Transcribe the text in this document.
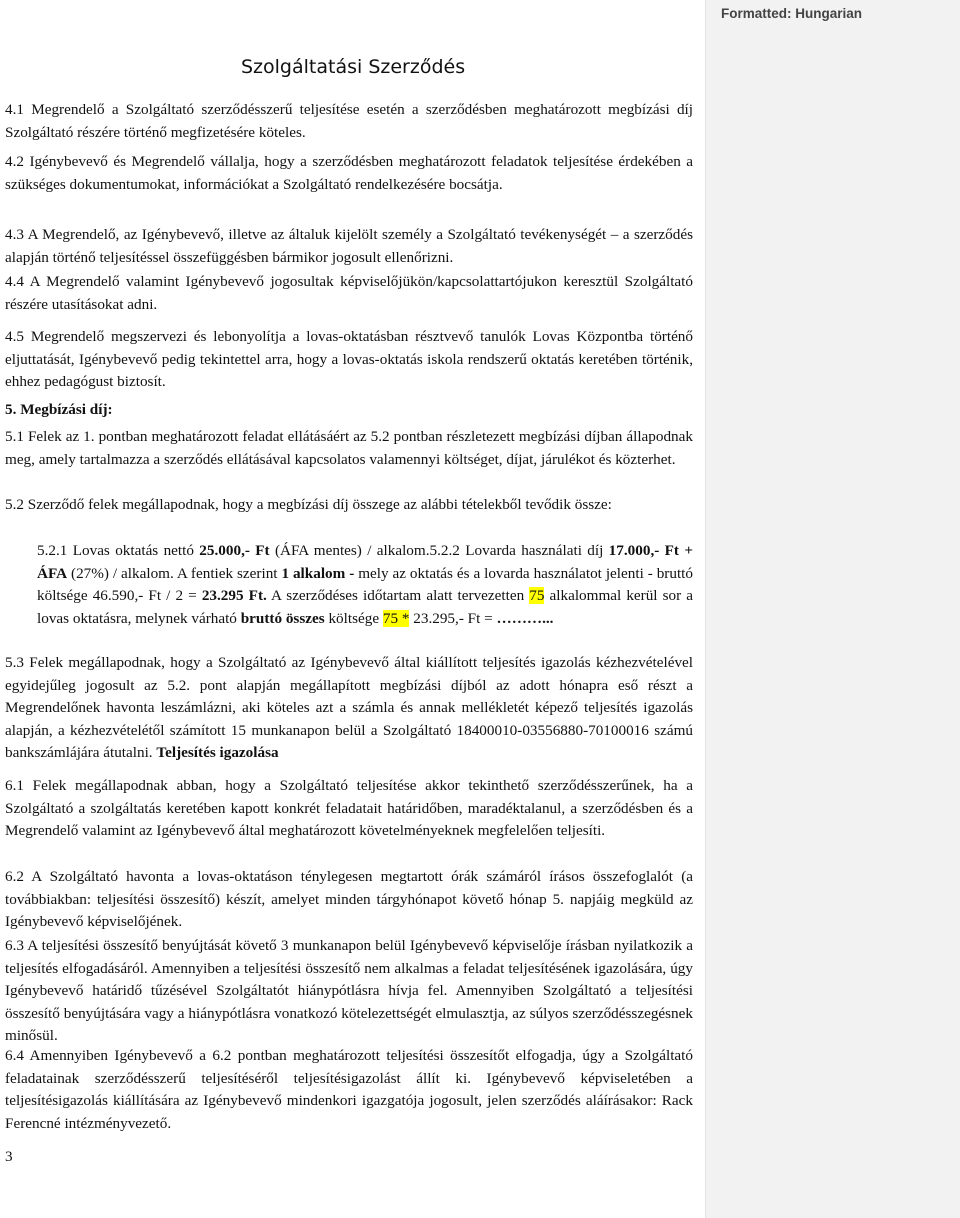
Formatted: Hungarian
Szolgáltatási Szerződés
4.1 Megrendelő a Szolgáltató szerződésszerű teljesítése esetén a szerződésben meghatározott megbízási díj Szolgáltató részére történő megfizetésére köteles.
4.2 Igénybevevő és Megrendelő vállalja, hogy a szerződésben meghatározott feladatok teljesítése érdekében a szükséges dokumentumokat, információkat a Szolgáltató rendelkezésére bocsátja.
4.3 A Megrendelő, az Igénybevevő, illetve az általuk kijelölt személy a Szolgáltató tevékenységét – a szerződés alapján történő teljesítéssel összefüggésben bármikor jogosult ellenőrizni.
4.4 A Megrendelő valamint Igénybevevő jogosultak képviselőjükön/kapcsolattartójukon keresztül Szolgáltató részére utasításokat adni.
4.5 Megrendelő megszervezi és lebonyolítja a lovas-oktatásban résztvevő tanulók Lovas Központba történő eljuttatását, Igénybevevő pedig tekintettel arra, hogy a lovas-oktatás iskola rendszerű oktatás keretében történik, ehhez pedagógust biztosít.
5. Megbízási díj:
5.1 Felek az 1. pontban meghatározott feladat ellátásáért az 5.2 pontban részletezett megbízási díjban állapodnak meg, amely tartalmazza a szerződés ellátásával kapcsolatos valamennyi költséget, díjat, járulékot és közterhet.
5.2 Szerződő felek megállapodnak, hogy a megbízási díj összege az alábbi tételekből tevődik össze:
5.2.1 Lovas oktatás nettó 25.000,- Ft (ÁFA mentes) / alkalom.5.2.2 Lovarda használati díj 17.000,- Ft + ÁFA (27%) / alkalom. A fentiek szerint 1 alkalom - mely az oktatás és a lovarda használatot jelenti - bruttó költsége 46.590,- Ft / 2 = 23.295 Ft. A szerződéses időtartam alatt tervezetten 75 alkalommal kerül sor a lovas oktatásra, melynek várható bruttó összes költsége 75 * 23.295,- Ft = ………...
5.3 Felek megállapodnak, hogy a Szolgáltató az Igénybevevő által kiállított teljesítés igazolás kézhezvételével egyidejűleg jogosult az 5.2. pont alapján megállapított megbízási díjból az adott hónapra eső részt a Megrendelőnek havonta leszámlázni, aki köteles azt a számla és annak mellékletét képező teljesítés igazolás alapján, a kézhezvételétől számított 15 munkanapon belül a Szolgáltató 18400010-03556880-70100016 számú bankszámlájára átutalni. Teljesítés igazolása
6.1 Felek megállapodnak abban, hogy a Szolgáltató teljesítése akkor tekinthető szerződésszerűnek, ha a Szolgáltató a szolgáltatás keretében kapott konkrét feladatait határidőben, maradéktalanul, a szerződésben és a Megrendelő valamint az Igénybevevő által meghatározott követelményeknek megfelelően teljesíti.
6.2 A Szolgáltató havonta a lovas-oktatáson ténylegesen megtartott órák számáról írásos összefoglalót (a továbbiakban: teljesítési összesítő) készít, amelyet minden tárgyhónapot követő hónap 5. napjáig megküld az Igénybevevő képviselőjének.
6.3 A teljesítési összesítő benyújtását követő 3 munkanapon belül Igénybevevő képviselője írásban nyilatkozik a teljesítés elfogadásáról. Amennyiben a teljesítési összesítő nem alkalmas a feladat teljesítésének igazolására, úgy Igénybevevő határidő tűzésével Szolgáltatót hiánypótlásra hívja fel. Amennyiben Szolgáltató a teljesítési összesítő benyújtására vagy a hiánypótlásra vonatkozó kötelezettségét elmulasztja, az súlyos szerződésszegésnek minősül.
6.4 Amennyiben Igénybevevő a 6.2 pontban meghatározott teljesítési összesítőt elfogadja, úgy a Szolgáltató feladatainak szerződésszerű teljesítéséről teljesítésigazolást állít ki. Igénybevevő képviseletében a teljesítésigazolás kiállítására az Igénybevevő mindenkori igazgatója jogosult, jelen szerződés aláírásakor: Rack Ferencné intézményvezető.
3
